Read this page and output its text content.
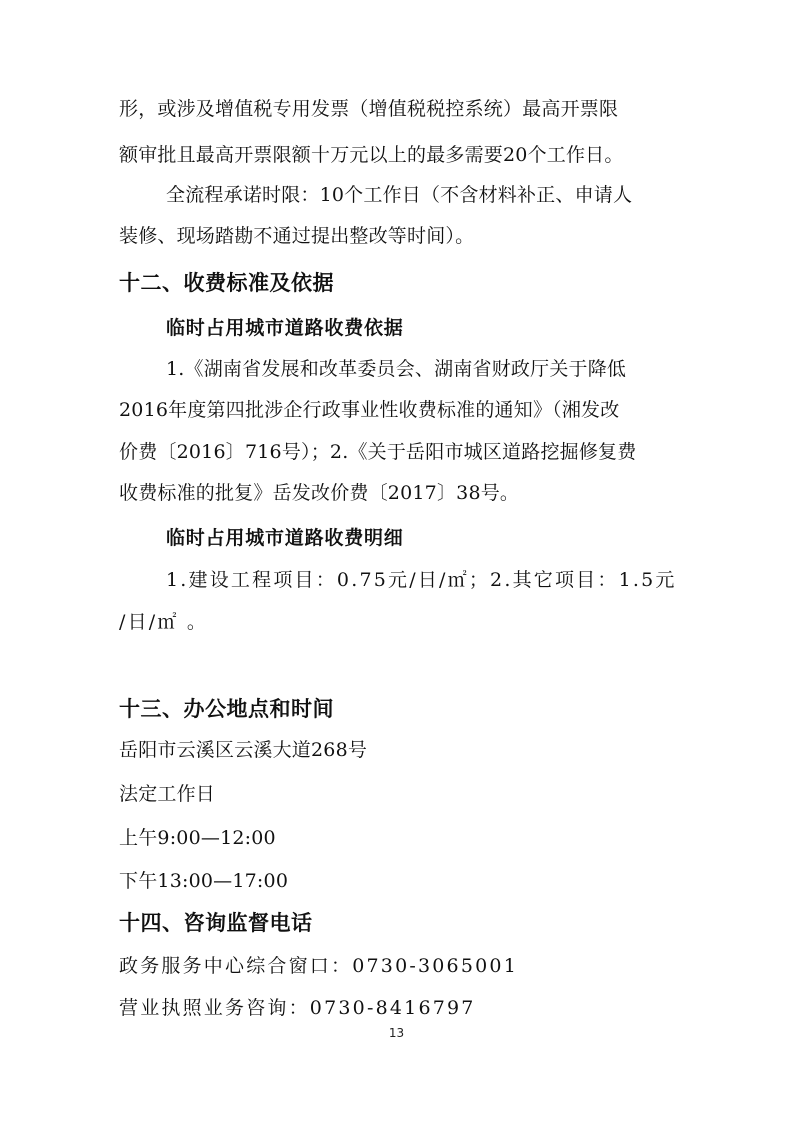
形，或涉及增值税专用发票（增值税税控系统）最高开票限
额审批且最高开票限额十万元以上的最多需要20个工作日。
全流程承诺时限：10个工作日（不含材料补正、申请人
装修、现场踏勘不通过提出整改等时间）。
十二、收费标准及依据
临时占用城市道路收费依据
1.《湖南省发展和改革委员会、湖南省财政厅关于降低
2016年度第四批涉企行政事业性收费标准的通知》（湘发改
价费〔2016〕716号）；2.《关于岳阳市城区道路挖掘修复费
收费标准的批复》岳发改价费〔2017〕38号。
临时占用城市道路收费明细
1.建设工程项目：0.75元/日/㎡；2.其它项目：1.5元
/日/㎡ 。
十三、办公地点和时间
岳阳市云溪区云溪大道268号
法定工作日
上午9:00—12:00
下午13:00—17:00
十四、咨询监督电话
政务服务中心综合窗口：0730-3065001
营业执照业务咨询：0730-8416797
13
